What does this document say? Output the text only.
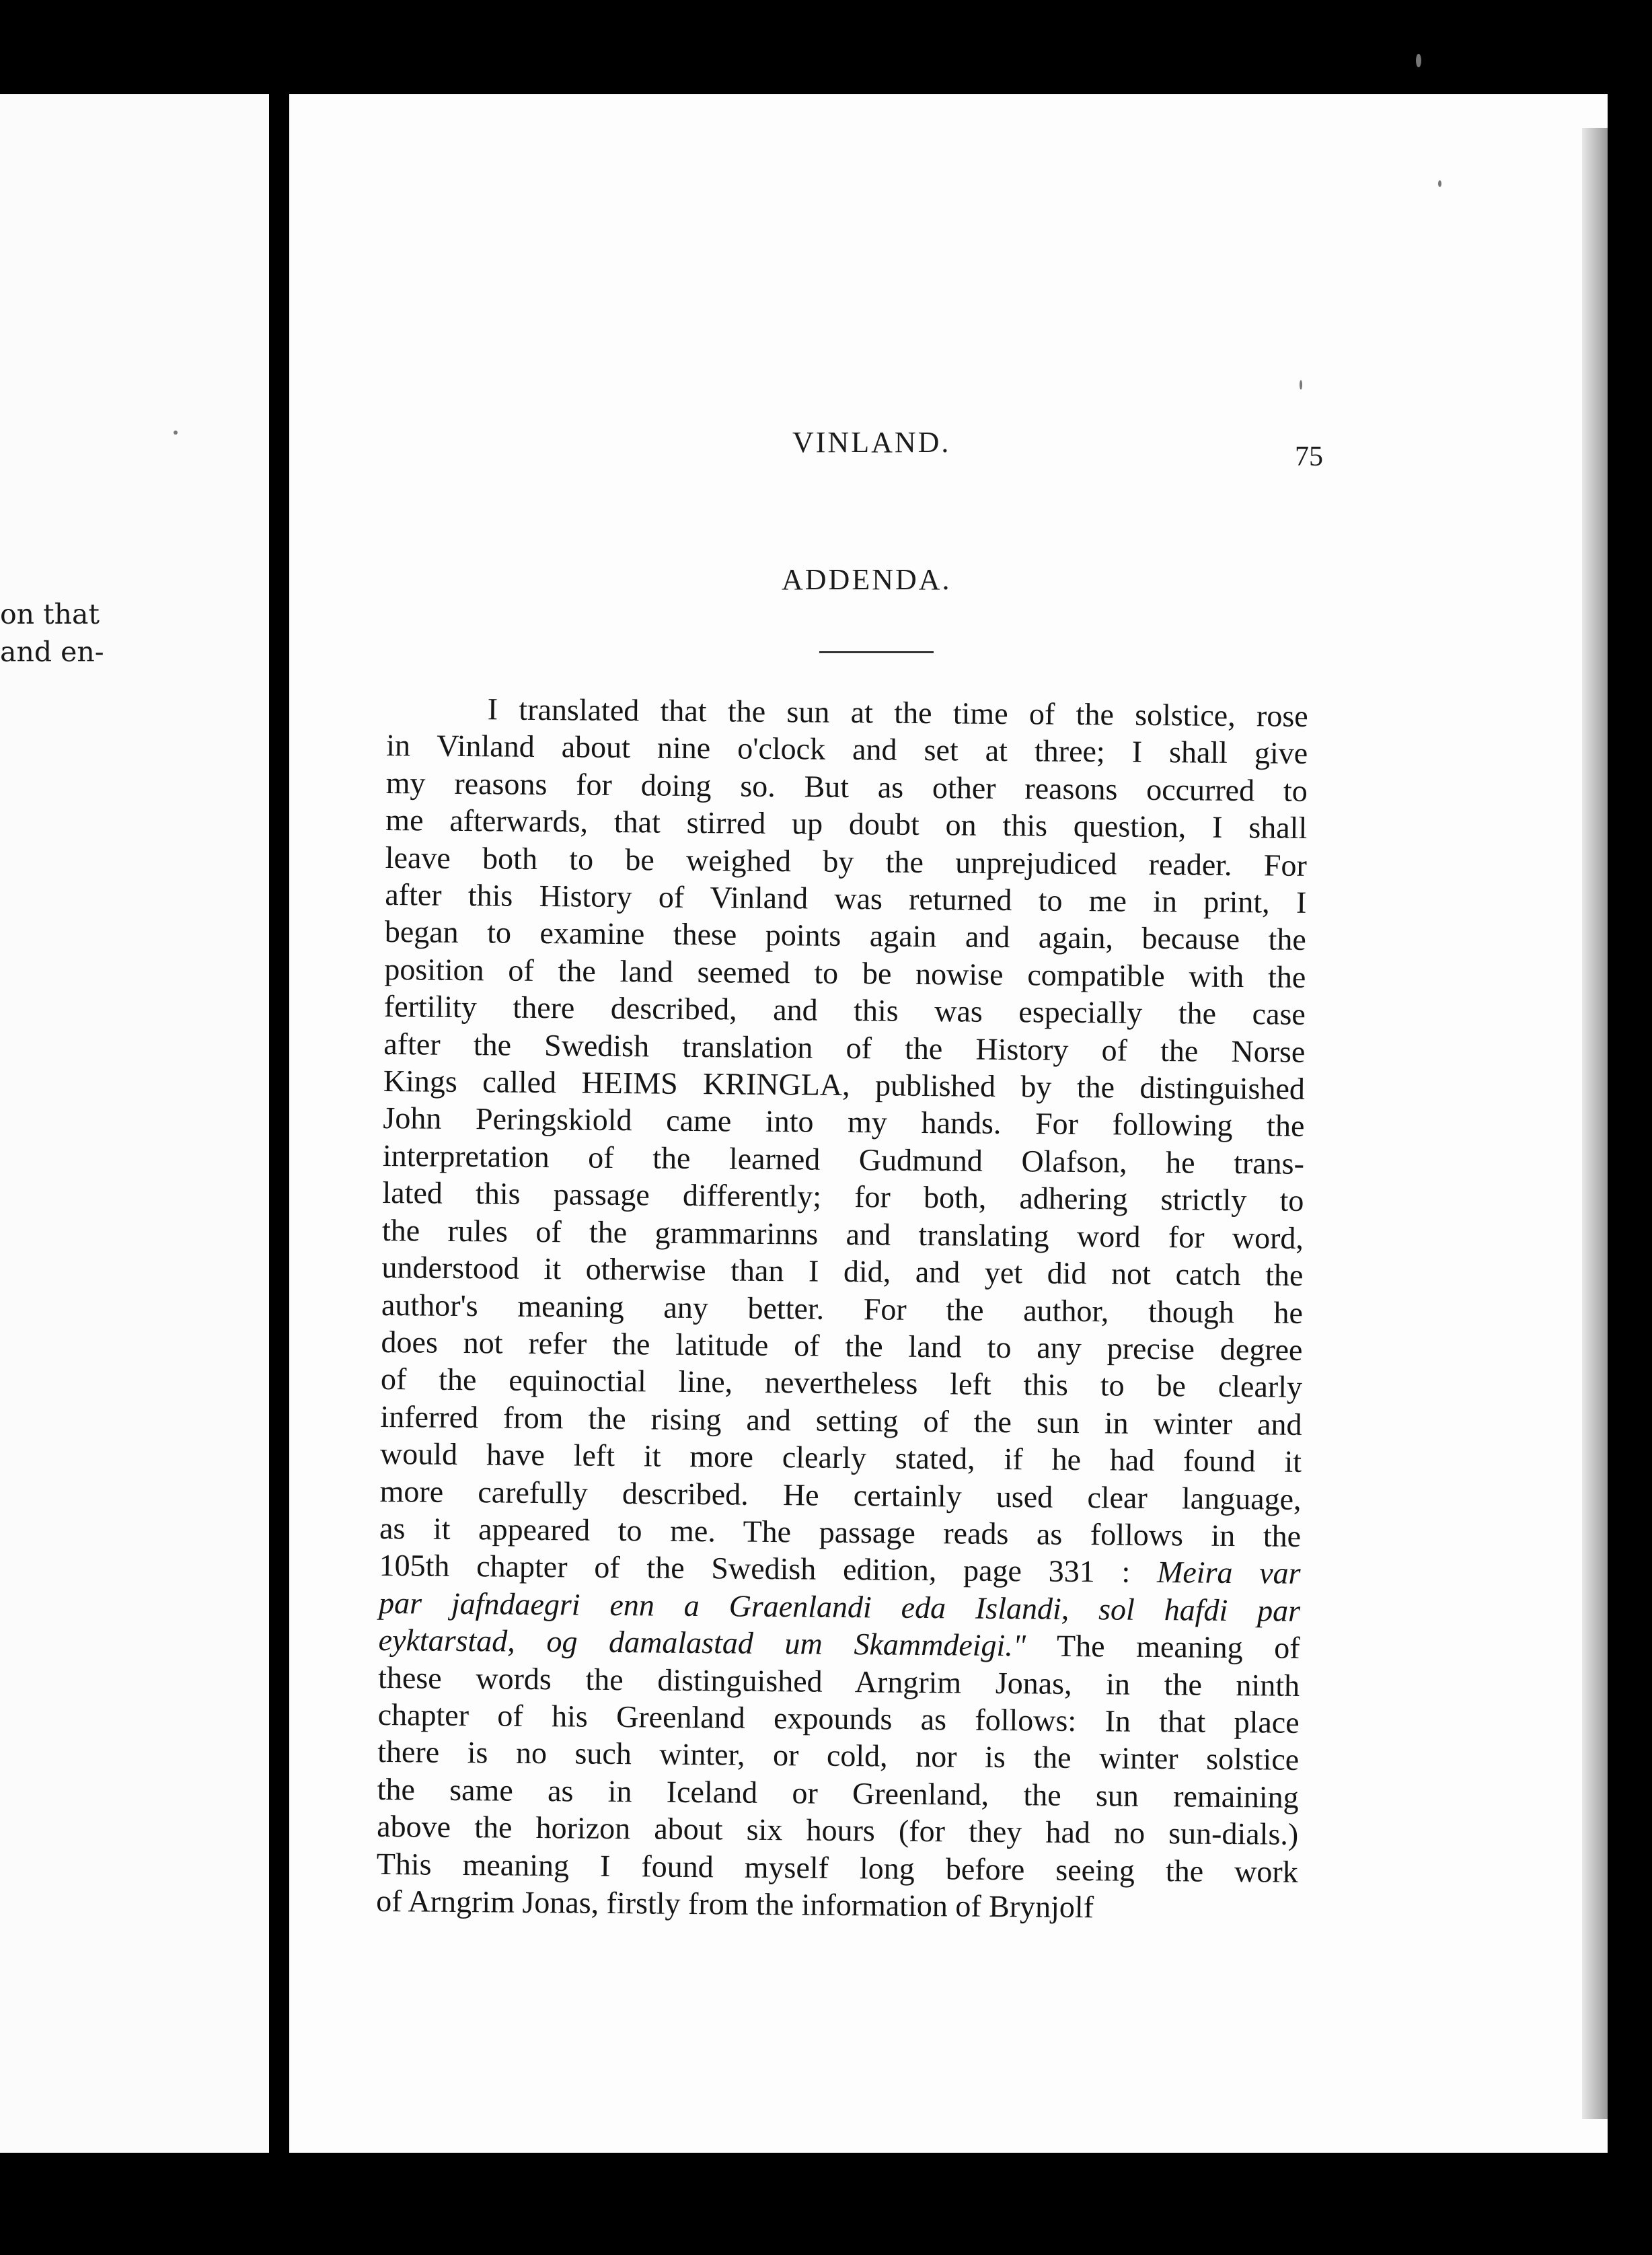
on that
and en-
VINLAND.	75
ADDENDA.
I translated that the sun at the time of the solstice, rose
in Vinland about nine o'clock and set at three; I shall give
my reasons for doing so. But as other reasons occurred to
me afterwards, that stirred up doubt on this question, I shall
leave both to be weighed by the unprejudiced reader. For
after this History of Vinland was returned to me in print, I
began to examine these points again and again, because the
position of the land seemed to be nowise compatible with the
fertility there described, and this was especially the case
after the Swedish translation of the History of the Norse
Kings called HEIMS KRINGLA, published by the distinguished
John Peringskiold came into my hands. For following the
interpretation of the learned Gudmund Olafson, he trans-
lated this passage differently; for both, adhering strictly to
the rules of the grammarinns and translating word for word,
understood it otherwise than I did, and yet did not catch the
author's meaning any better. For the author, though he
does not refer the latitude of the land to any precise degree
of the equinoctial line, nevertheless left this to be clearly
inferred from the rising and setting of the sun in winter and
would have left it more clearly stated, if he had found it
more carefully described. He certainly used clear language,
as it appeared to me. The passage reads as follows in the
105th chapter of the Swedish edition, page 331 : Meira var
par jafndaegri enn a Graenlandi eda Islandi, sol hafdi par
eyktarstad, og damalastad um Skammdeigi." The meaning of
these words the distinguished Arngrim Jonas, in the ninth
chapter of his Greenland expounds as follows: In that place
there is no such winter, or cold, nor is the winter solstice
the same as in Iceland or Greenland, the sun remaining
above the horizon about six hours (for they had no sun-dials.)
This meaning I found myself long before seeing the work
of Arngrim Jonas, firstly from the information of Brynjolf
